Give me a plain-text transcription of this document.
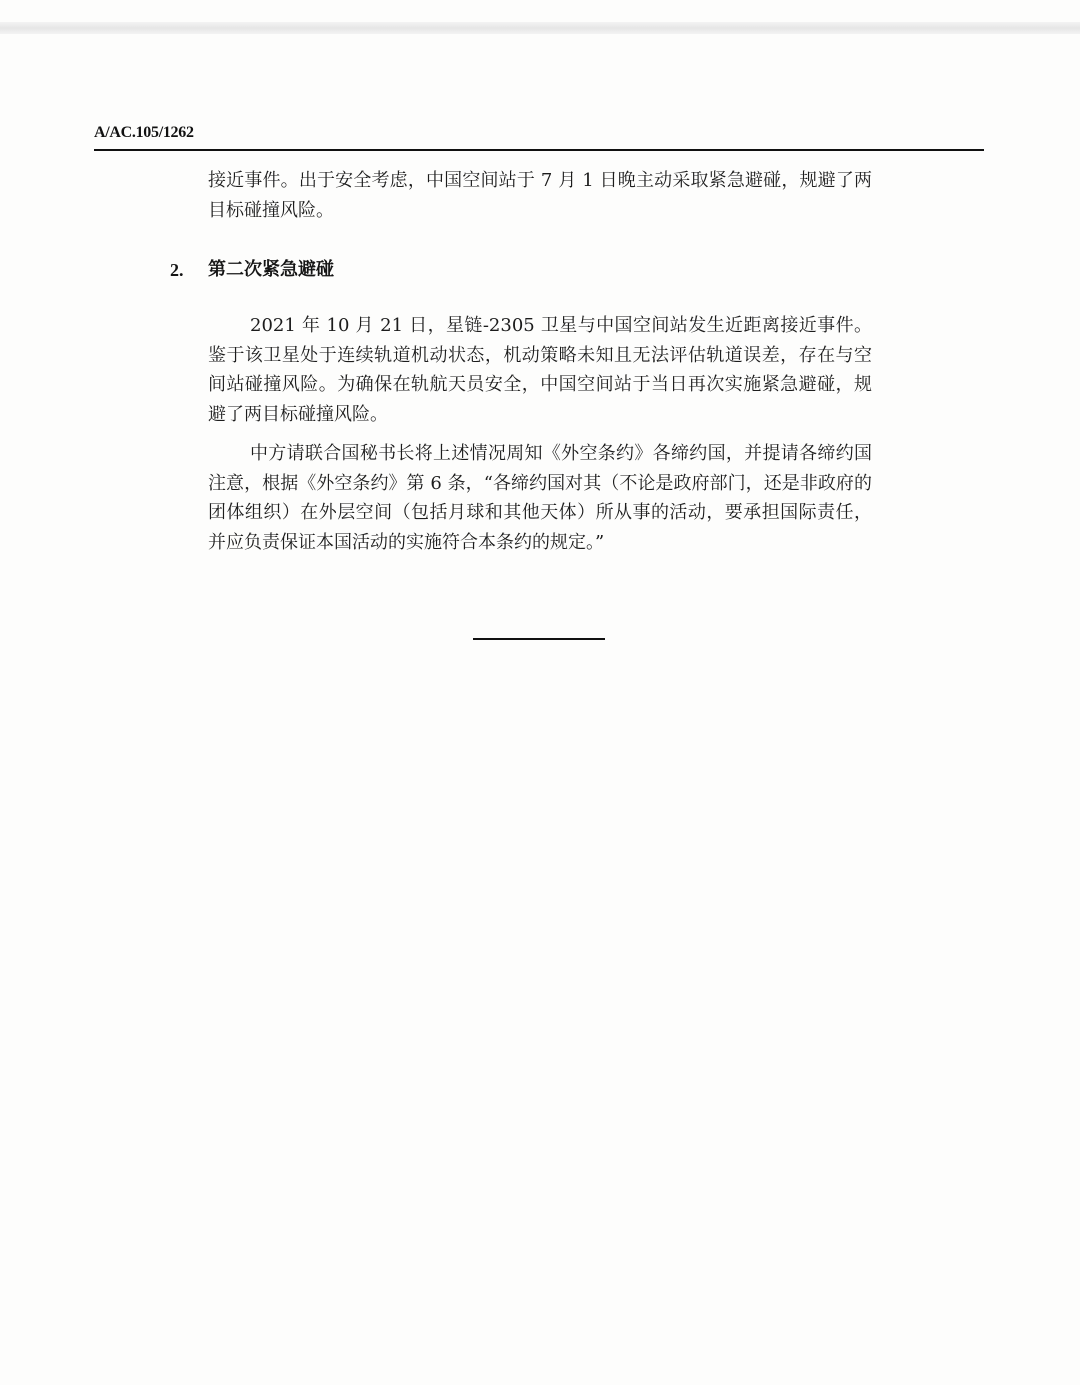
A/AC.105/1262

接近事件。出于安全考虑，中国空间站于 7 月 1 日晚主动采取紧急避碰，规避了两目标碰撞风险。

2.	第二次紧急避碰

2021 年 10 月 21 日，星链-2305 卫星与中国空间站发生近距离接近事件。鉴于该卫星处于连续轨道机动状态，机动策略未知且无法评估轨道误差，存在与空间站碰撞风险。为确保在轨航天员安全，中国空间站于当日再次实施紧急避碰，规避了两目标碰撞风险。

中方请联合国秘书长将上述情况周知《外空条约》各缔约国，并提请各缔约国注意，根据《外空条约》第 6 条，“各缔约国对其（不论是政府部门，还是非政府的团体组织）在外层空间（包括月球和其他天体）所从事的活动，要承担国际责任，并应负责保证本国活动的实施符合本条约的规定。”
